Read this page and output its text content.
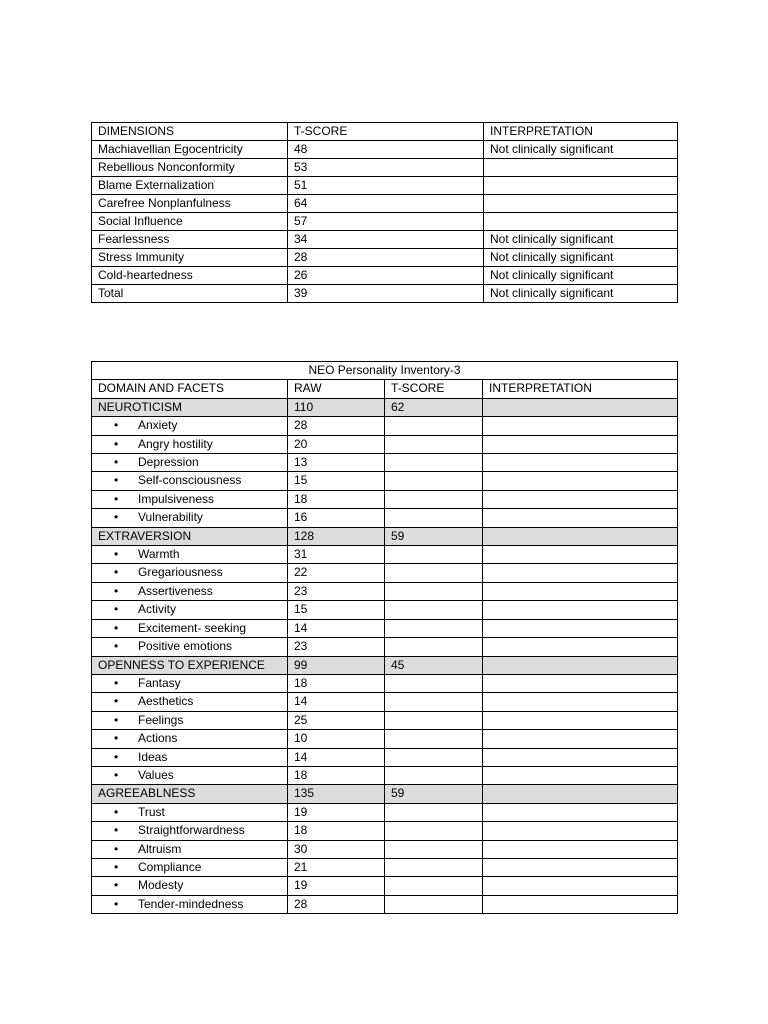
DIMENSIONS	T-SCORE	INTERPRETATION
Machiavellian Egocentricity	48	Not clinically significant
Rebellious Nonconformity	53	
Blame Externalization	51	
Carefree Nonplanfulness	64	
Social Influence	57	
Fearlessness	34	Not clinically significant
Stress Immunity	28	Not clinically significant
Cold-heartedness	26	Not clinically significant
Total	39	Not clinically significant
NEO Personality Inventory-3			
DOMAIN AND FACETS	RAW	T-SCORE	INTERPRETATION
NEUROTICISM	110	62	
• Anxiety	28		
• Angry hostility	20		
• Depression	13		
• Self-consciousness	15		
• Impulsiveness	18		
• Vulnerability	16		
EXTRAVERSION	128	59	
• Warmth	31		
• Gregariousness	22		
• Assertiveness	23		
• Activity	15		
• Excitement- seeking	14		
• Positive emotions	23		
OPENNESS TO EXPERIENCE	99	45	
• Fantasy	18		
• Aesthetics	14		
• Feelings	25		
• Actions	10		
• Ideas	14		
• Values	18		
AGREEABLNESS	135	59	
• Trust	19		
• Straightforwardness	18		
• Altruism	30		
• Compliance	21		
• Modesty	19		
• Tender-mindedness	28		
